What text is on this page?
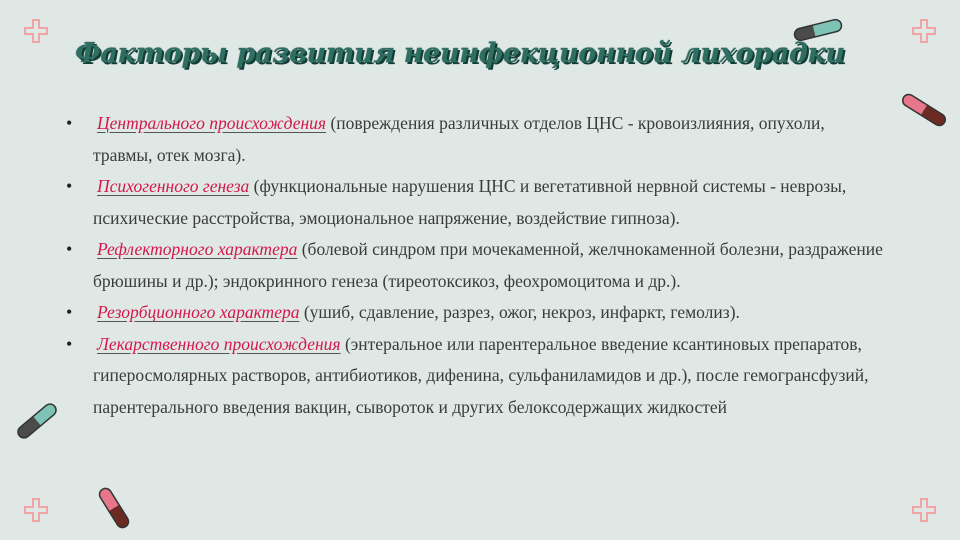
Факторы развития неинфекционной лихорадки
• Центрального происхождения (повреждения различных отделов ЦНС - кровоизлияния, опухоли, травмы, отек мозга).
• Психогенного генеза (функциональные нарушения ЦНС и вегетативной нервной системы - неврозы, психические расстройства, эмоциональное напряжение, воздействие гипноза).
• Рефлекторного характера (болевой синдром при мочекаменной, желчнокаменной болезни, раздражение брюшины и др.); эндокринного генеза (тиреотоксикоз, феохромоцитома и др.).
• Резорбционного характера (ушиб, сдавление, разрез, ожог, некроз, инфаркт, гемолиз).
• Лекарственного происхождения (энтеральное или парентеральное введение ксантиновых препаратов, гиперосмолярных растворов, антибиотиков, дифенина, сульфаниламидов и др.), после гемогрансфузий, парентерального введения вакцин, сывороток и других белоксодержащих жидкостей
